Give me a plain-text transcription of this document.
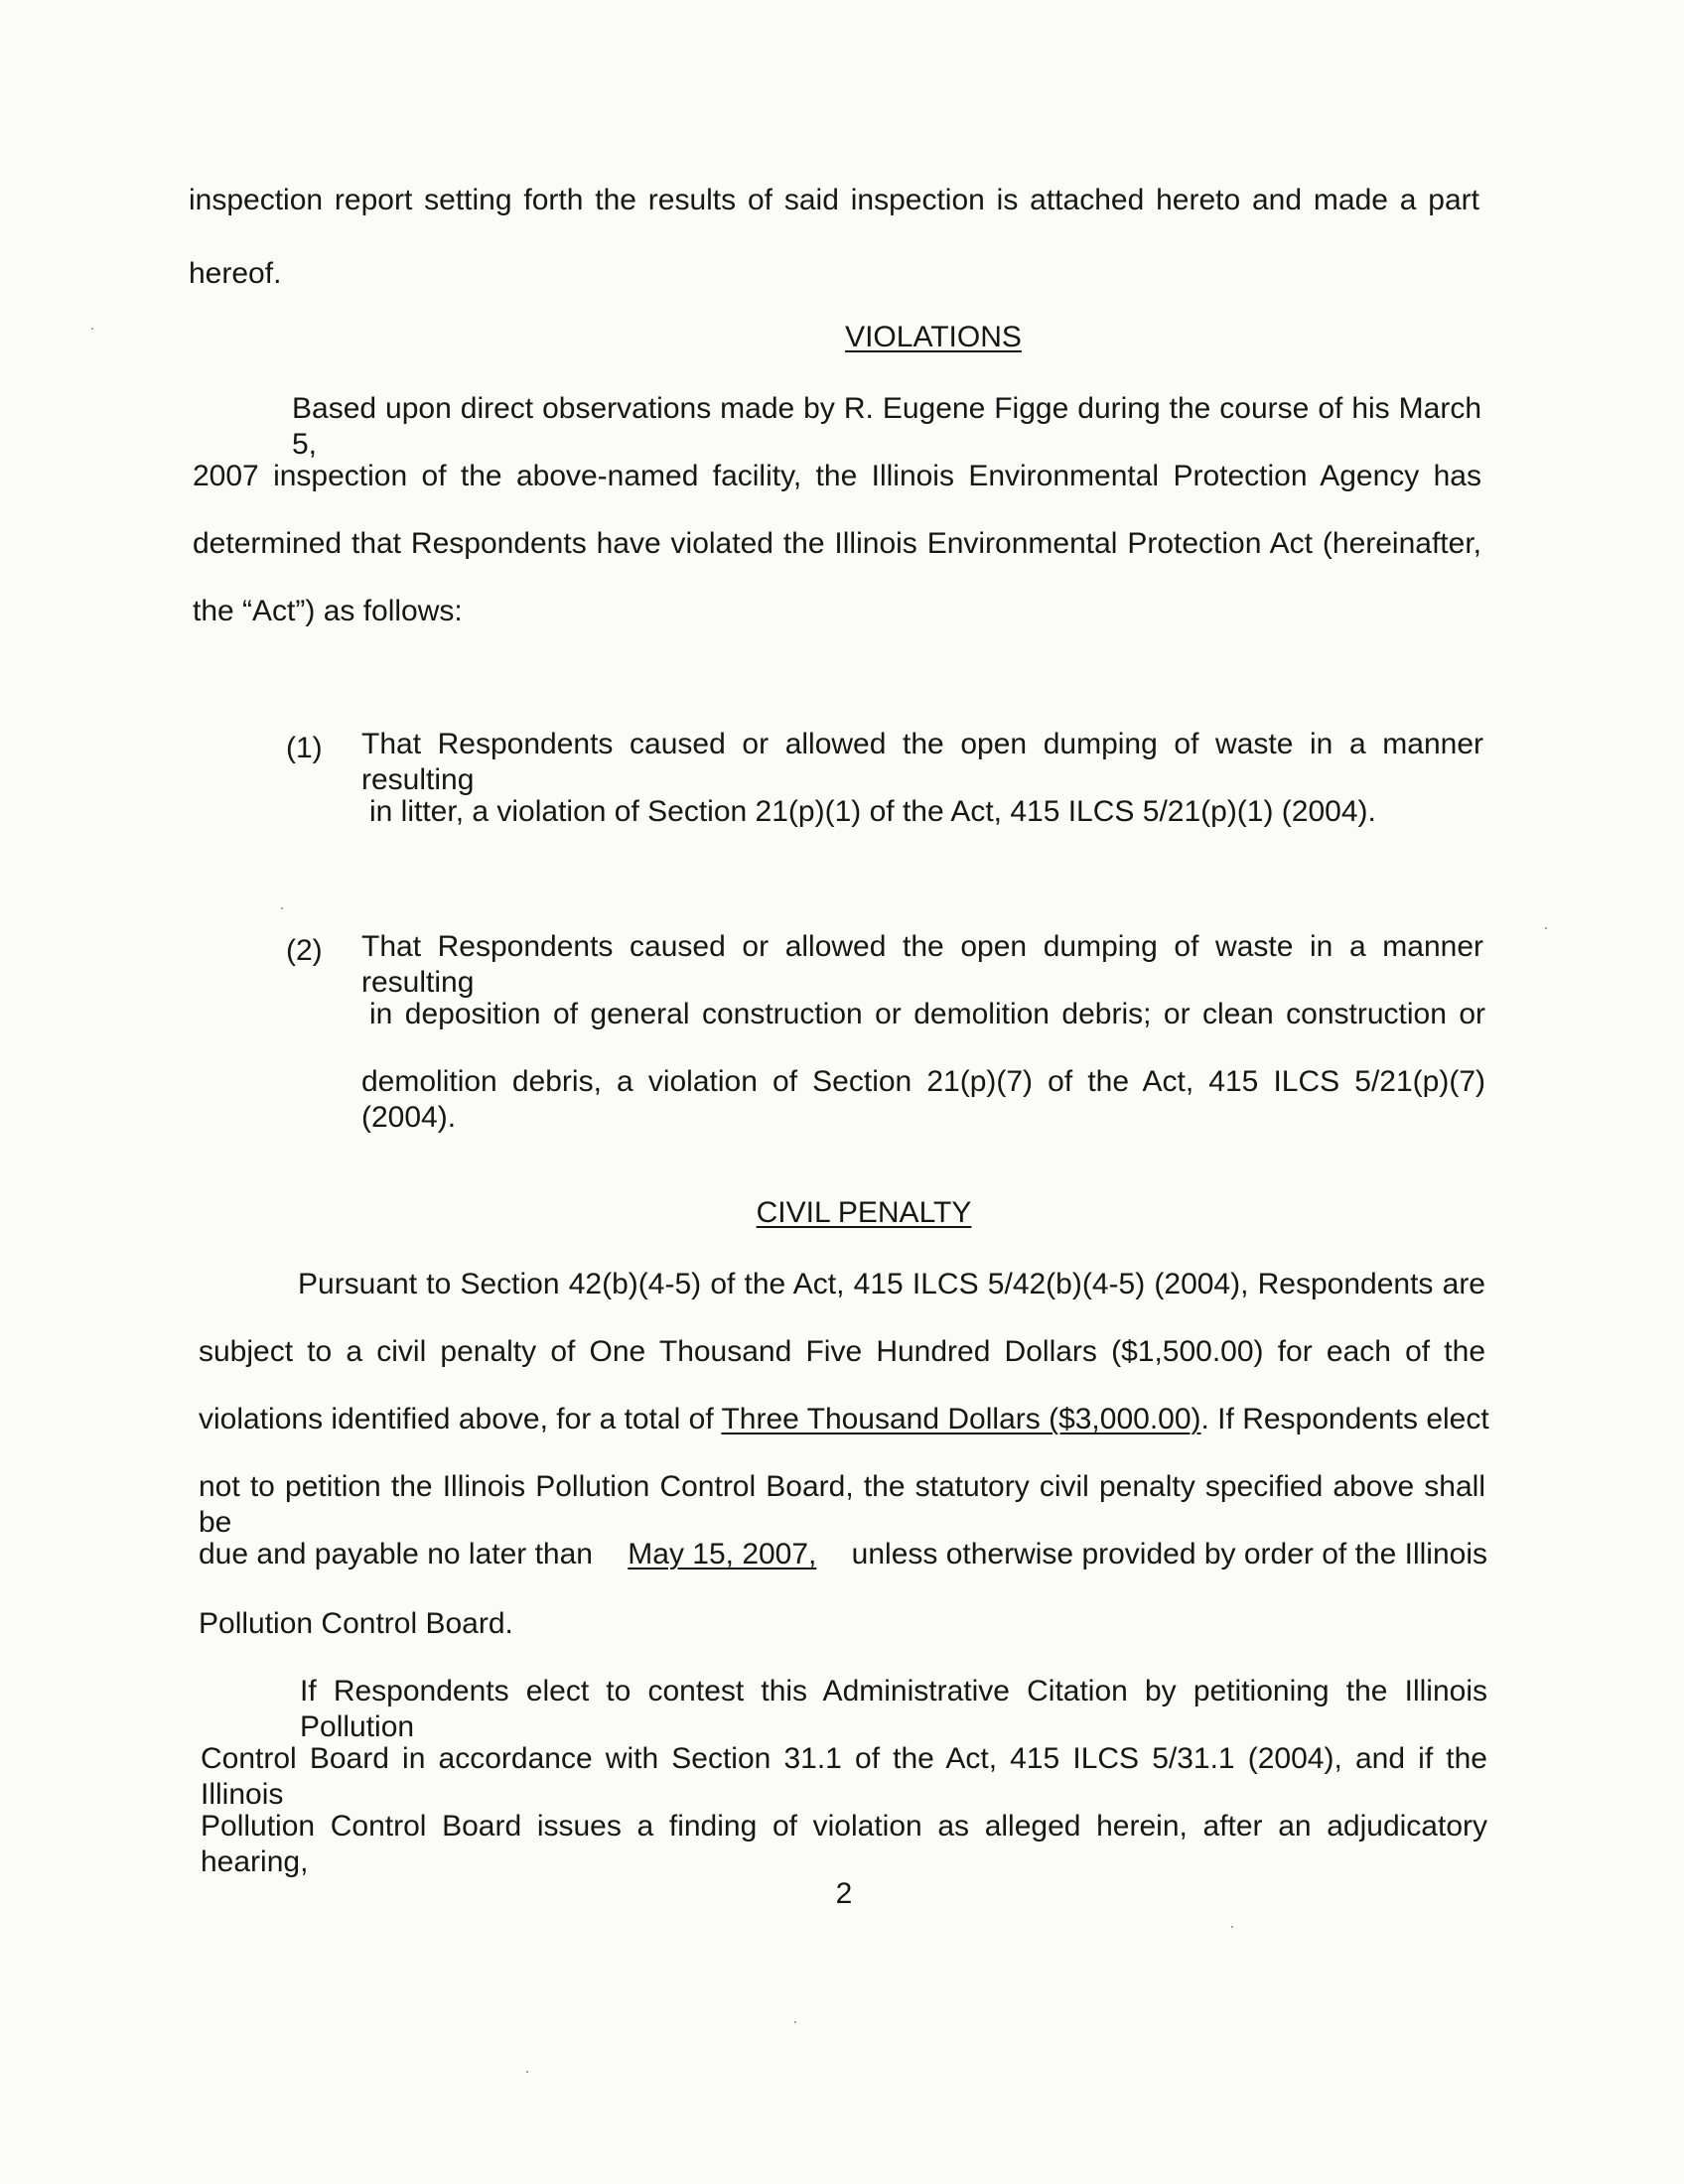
inspection report setting forth the results of said inspection is attached hereto and made a part
hereof.
VIOLATIONS
Based upon direct observations made by R. Eugene Figge during the course of his March 5,
2007 inspection of the above-named facility, the Illinois Environmental Protection Agency has
determined that Respondents have violated the Illinois Environmental Protection Act (hereinafter,
the “Act”) as follows:
(1) That Respondents caused or allowed the open dumping of waste in a manner resulting
in litter, a violation of Section 21(p)(1) of the Act, 415 ILCS 5/21(p)(1) (2004).
(2) That Respondents caused or allowed the open dumping of waste in a manner resulting
in deposition of general construction or demolition debris; or clean construction or
demolition debris, a violation of Section 21(p)(7) of the Act, 415 ILCS 5/21(p)(7) (2004).
CIVIL PENALTY
Pursuant to Section 42(b)(4-5) of the Act, 415 ILCS 5/42(b)(4-5) (2004), Respondents are
subject to a civil penalty of One Thousand Five Hundred Dollars ($1,500.00) for each of the
violations identified above, for a total of Three Thousand Dollars ($3,000.00). If Respondents elect
not to petition the Illinois Pollution Control Board, the statutory civil penalty specified above shall be
due and payable no later than May 15, 2007, unless otherwise provided by order of the Illinois
Pollution Control Board.
If Respondents elect to contest this Administrative Citation by petitioning the Illinois Pollution
Control Board in accordance with Section 31.1 of the Act, 415 ILCS 5/31.1 (2004), and if the Illinois
Pollution Control Board issues a finding of violation as alleged herein, after an adjudicatory hearing,
2
